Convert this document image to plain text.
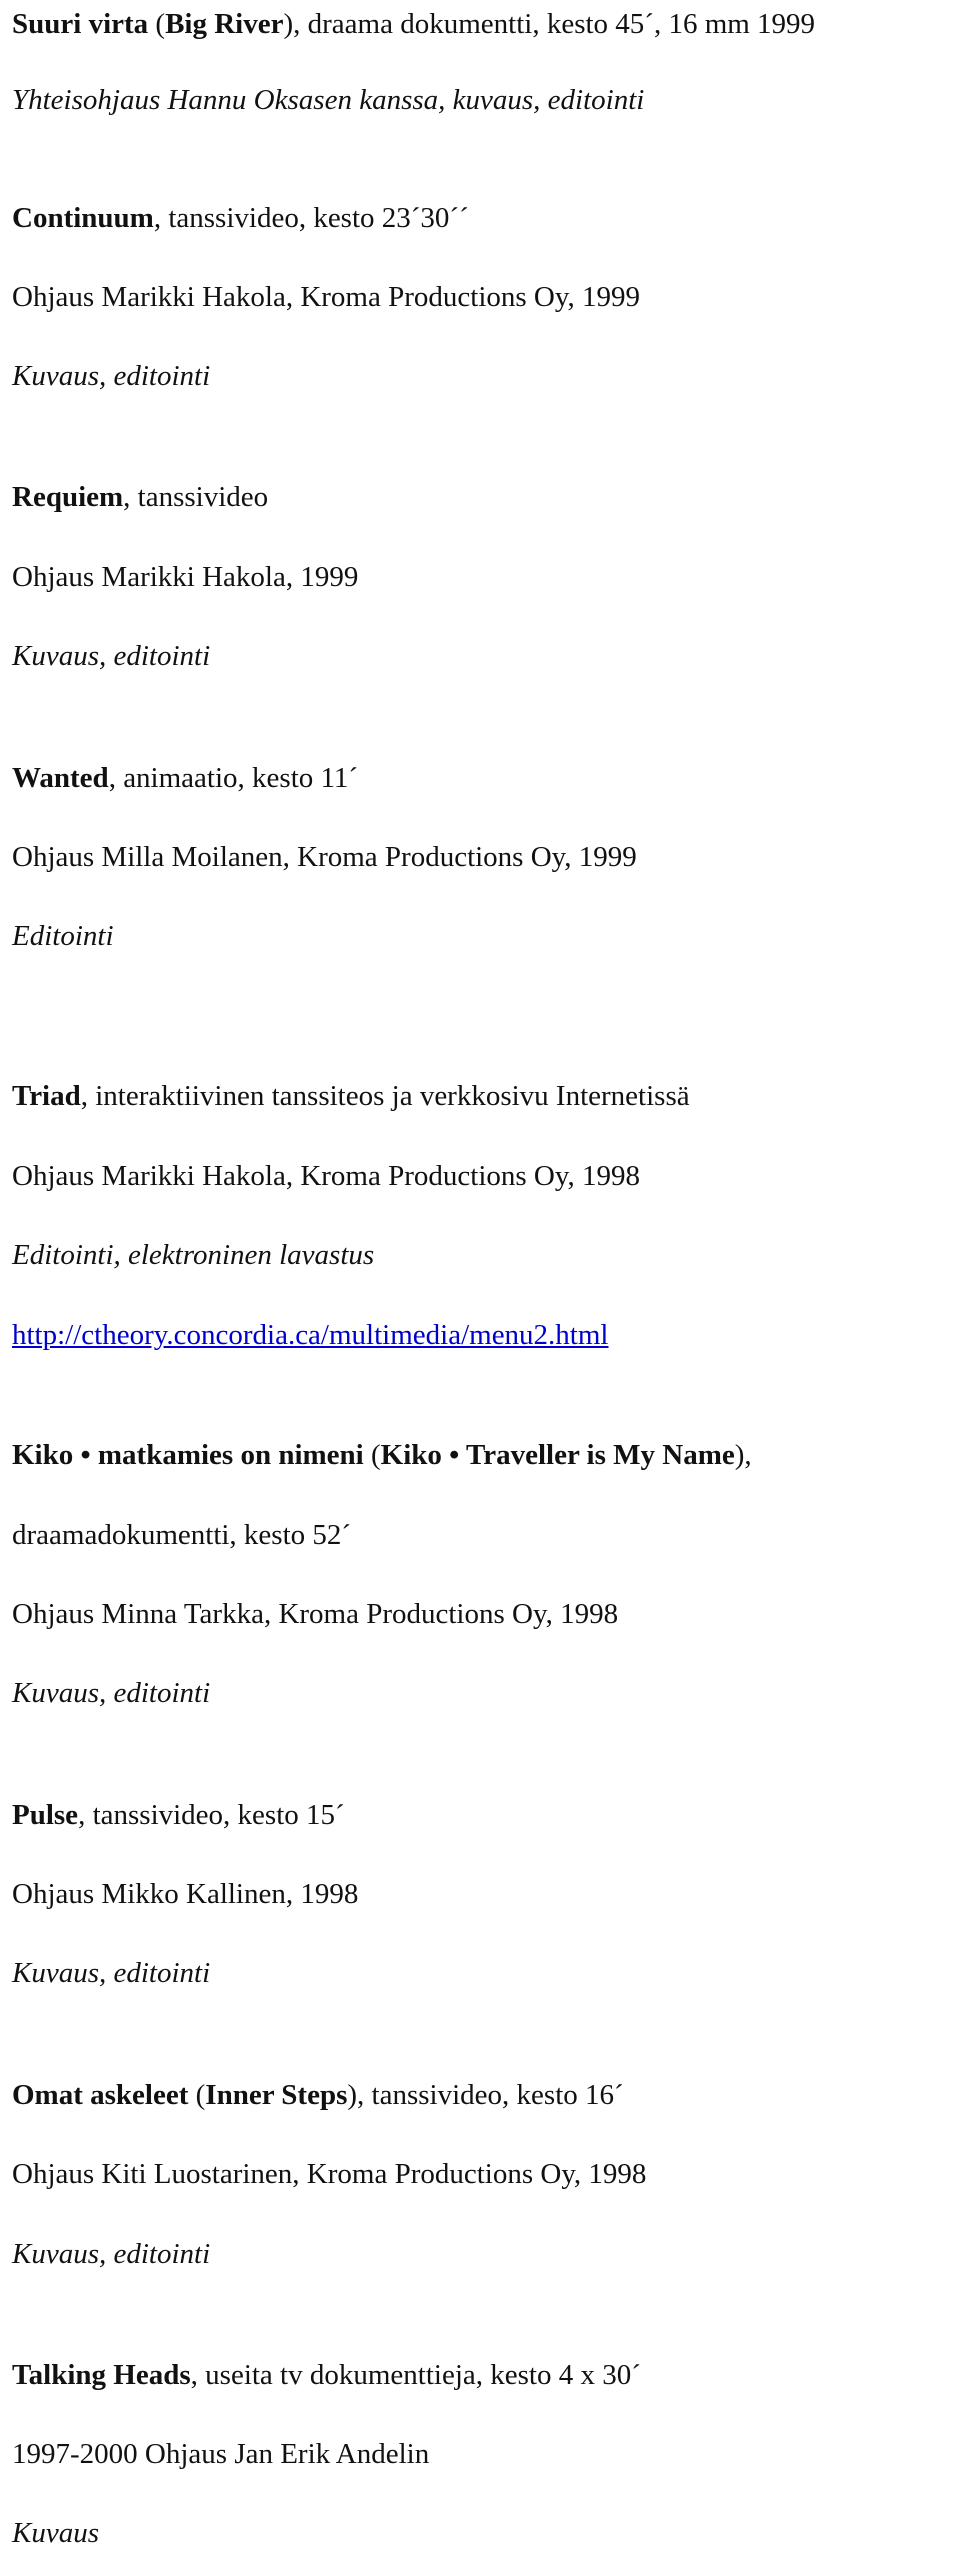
Suuri virta (Big River), draama dokumentti, kesto 45´, 16 mm 1999

Yhteisohjaus Hannu Oksasen kanssa, kuvaus, editointi

Continuum, tanssivideo, kesto 23´30´´

Ohjaus Marikki Hakola, Kroma Productions Oy, 1999

Kuvaus, editointi

Requiem, tanssivideo

Ohjaus Marikki Hakola, 1999

Kuvaus, editointi

Wanted, animaatio, kesto 11´

Ohjaus Milla Moilanen, Kroma Productions Oy, 1999

Editointi

Triad, interaktiivinen tanssiteos ja verkkosivu Internetissä

Ohjaus Marikki Hakola, Kroma Productions Oy, 1998

Editointi, elektroninen lavastus

http://ctheory.concordia.ca/multimedia/menu2.html

Kiko • matkamies on nimeni (Kiko • Traveller is My Name),

draamadokumentti, kesto 52´

Ohjaus Minna Tarkka, Kroma Productions Oy, 1998

Kuvaus, editointi

Pulse, tanssivideo, kesto 15´

Ohjaus Mikko Kallinen, 1998

Kuvaus, editointi

Omat askeleet (Inner Steps), tanssivideo, kesto 16´

Ohjaus Kiti Luostarinen, Kroma Productions Oy, 1998

Kuvaus, editointi

Talking Heads, useita tv dokumenttieja, kesto 4 x 30´

1997-2000 Ohjaus Jan Erik Andelin

Kuvaus
